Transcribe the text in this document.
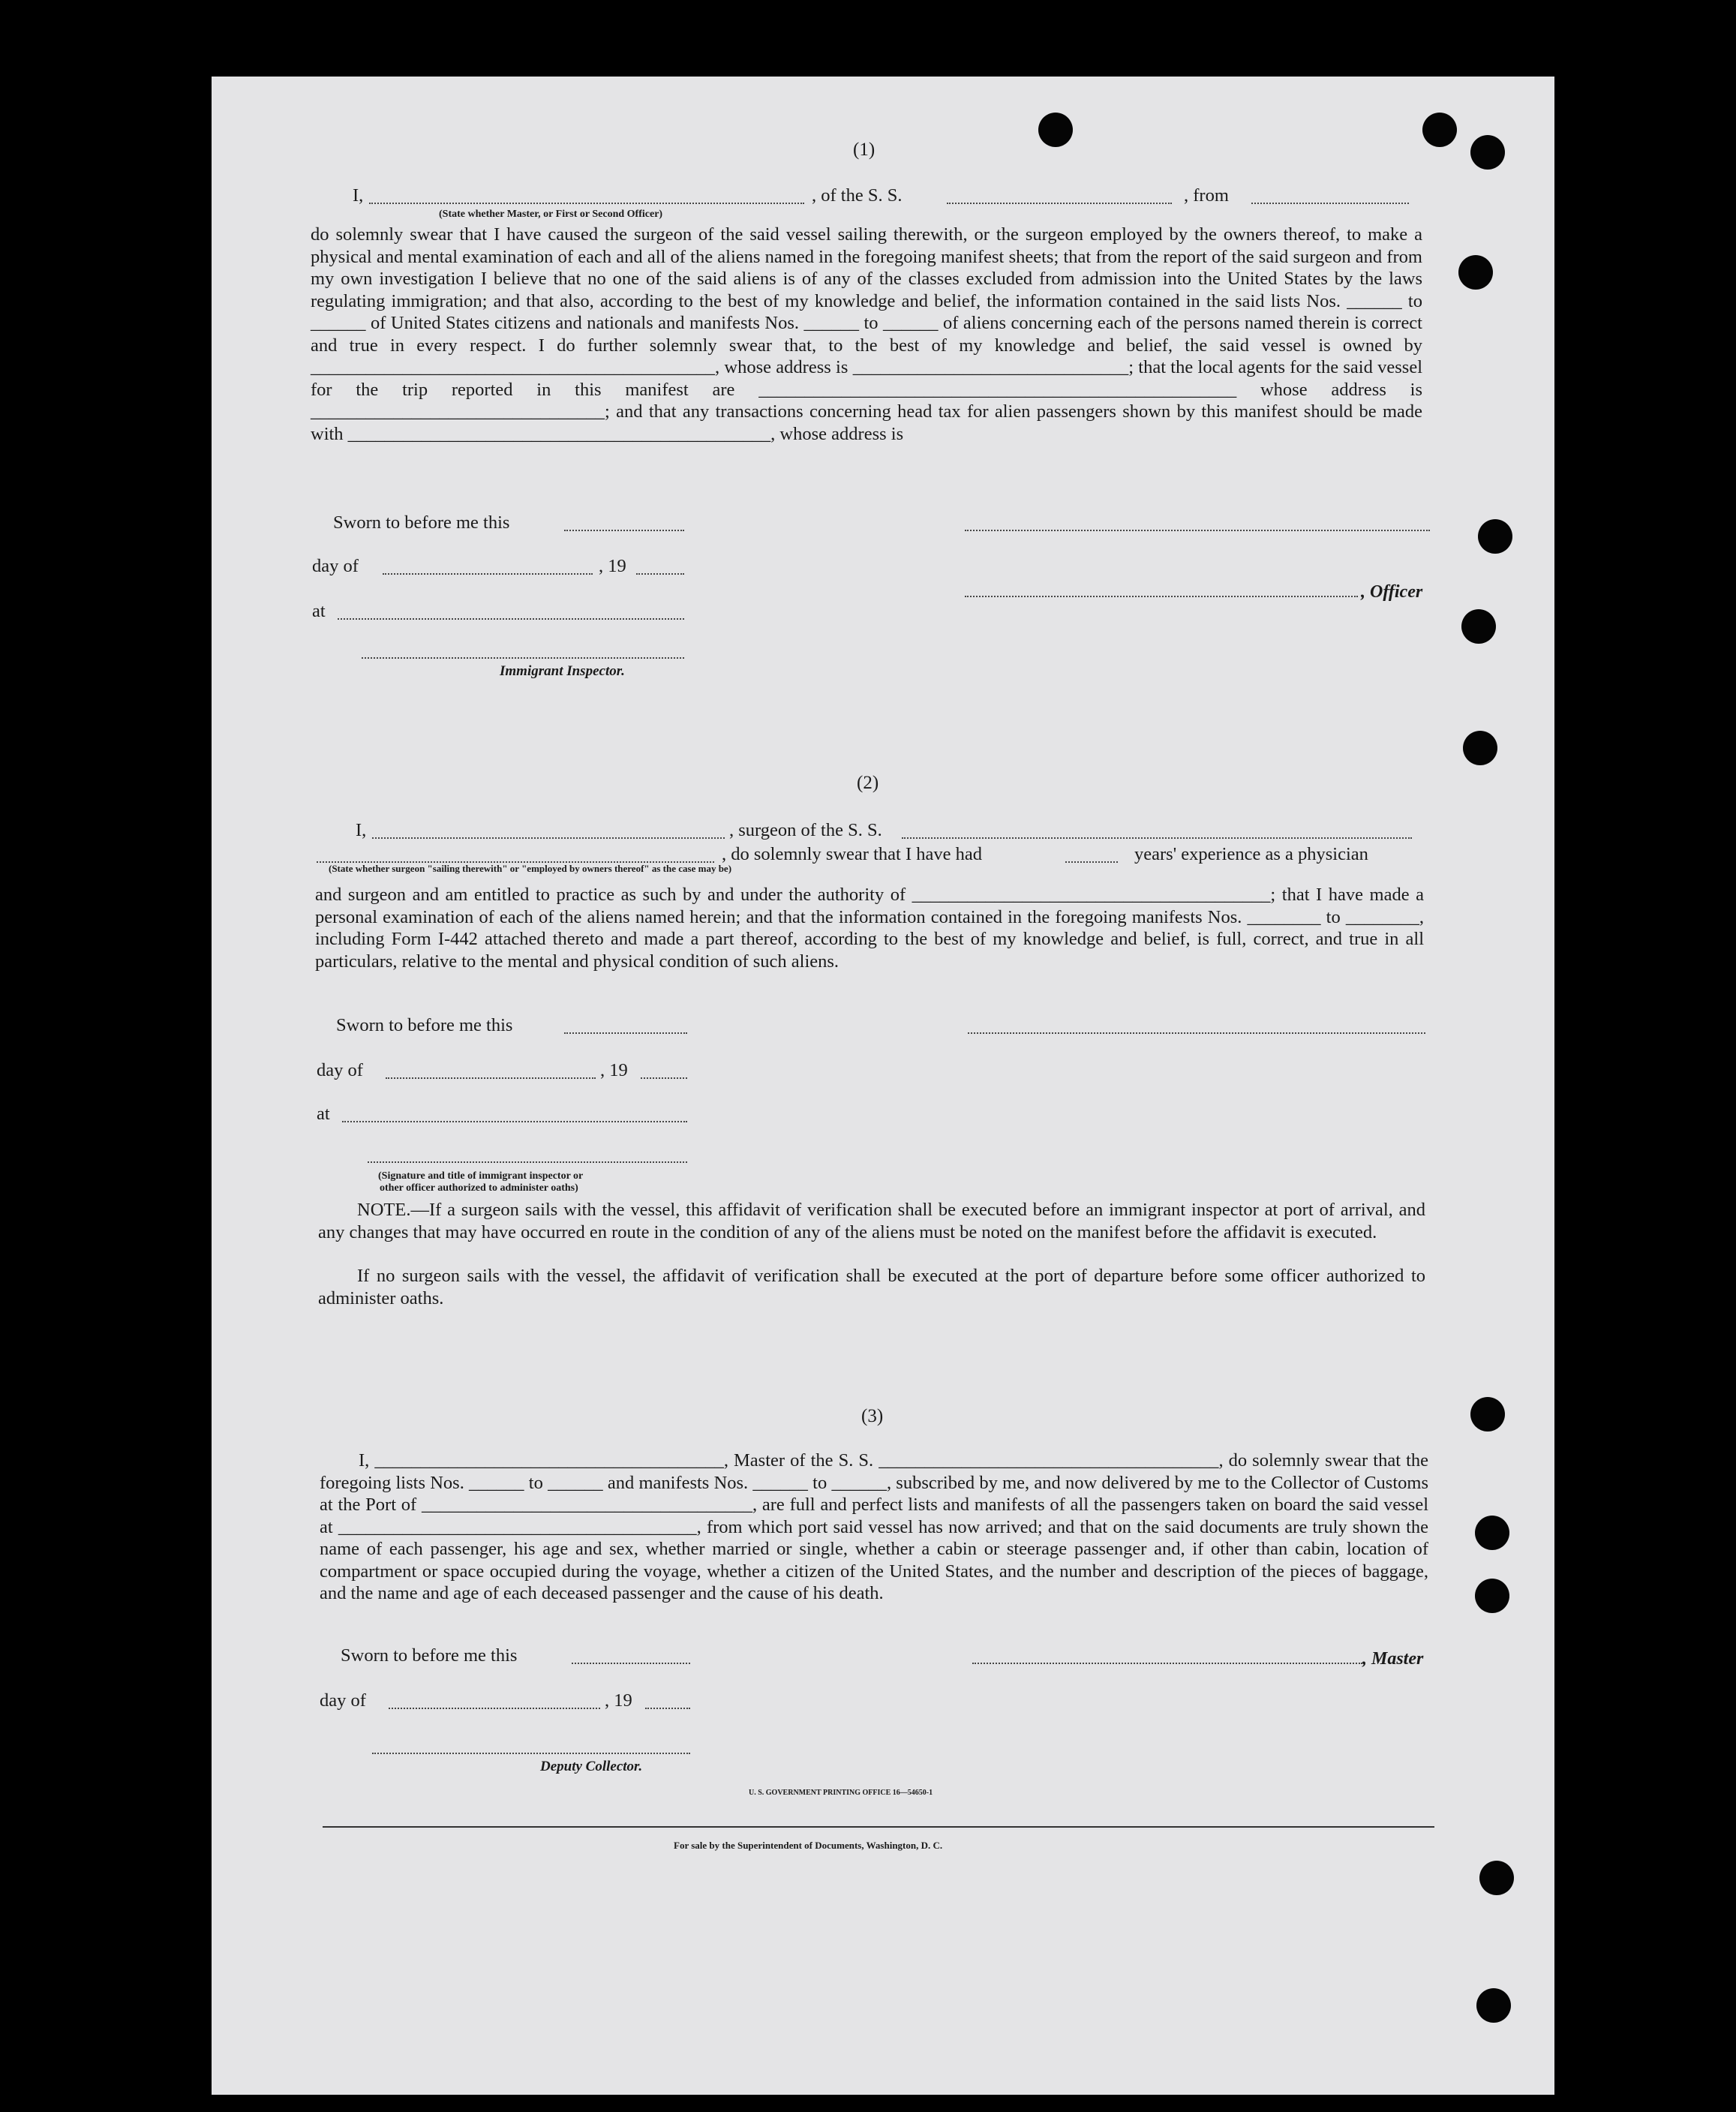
(1)
I,
(State whether Master, or First or Second Officer)
, of the S. S.	, from
do solemnly swear that I have caused the surgeon of the said vessel sailing therewith, or the surgeon employed by the owners thereof, to make a physical and mental examination of each and all of the aliens named in the foregoing manifest sheets; that from the report of the said surgeon and from my own investigation I believe that no one of the said aliens is of any of the classes excluded from admission into the United States by the laws regulating immigration; and that also, according to the best of my knowledge and belief, the information contained in the said lists Nos. ______ to ______ of United States citizens and nationals and manifests Nos. ______ to ______ of aliens concerning each of the persons named therein is correct and true in every respect. I do further solemnly swear that, to the best of my knowledge and belief, the said vessel is owned by ____________________________________________, whose address is ______________________________; that the local agents for the said vessel for the trip reported in this manifest are ____________________________________________________ whose address is ________________________________; and that any transactions concerning head tax for alien passengers shown by this manifest should be made with ______________________________________________, whose address is
Sworn to before me this
day of	, 19
, Officer
at
Immigrant Inspector.
(2)
I,	, surgeon of the S. S.
, do solemnly swear that I have had	years' experience as a physician
(State whether surgeon "sailing therewith" or "employed by owners thereof" as the case may be)
and surgeon and am entitled to practice as such by and under the authority of _______________________________________; that I have made a personal examination of each of the aliens named herein; and that the information contained in the foregoing manifests Nos. ________ to ________, including Form I-442 attached thereto and made a part thereof, according to the best of my knowledge and belief, is full, correct, and true in all particulars, relative to the mental and physical condition of such aliens.
Sworn to before me this
day of	, 19
at
(Signature and title of immigrant inspector or
other officer authorized to administer oaths)
NOTE.—If a surgeon sails with the vessel, this affidavit of verification shall be executed before an immigrant inspector at port of arrival, and any changes that may have occurred en route in the condition of any of the aliens must be noted on the manifest before the affidavit is executed.
If no surgeon sails with the vessel, the affidavit of verification shall be executed at the port of departure before some officer authorized to administer oaths.
(3)
I, ______________________________________, Master of the S. S. _____________________________________, do solemnly swear that the foregoing lists Nos. ______ to ______ and manifests Nos. ______ to ______, subscribed by me, and now delivered by me to the Collector of Customs at the Port of ____________________________________, are full and perfect lists and manifests of all the passengers taken on board the said vessel at _______________________________________, from which port said vessel has now arrived; and that on the said documents are truly shown the name of each passenger, his age and sex, whether married or single, whether a cabin or steerage passenger and, if other than cabin, location of compartment or space occupied during the voyage, whether a citizen of the United States, and the number and description of the pieces of baggage, and the name and age of each deceased passenger and the cause of his death.
Sworn to before me this	, Master
day of	, 19
Deputy Collector.
U. S. GOVERNMENT PRINTING OFFICE 16—54650-1
For sale by the Superintendent of Documents, Washington, D. C.
